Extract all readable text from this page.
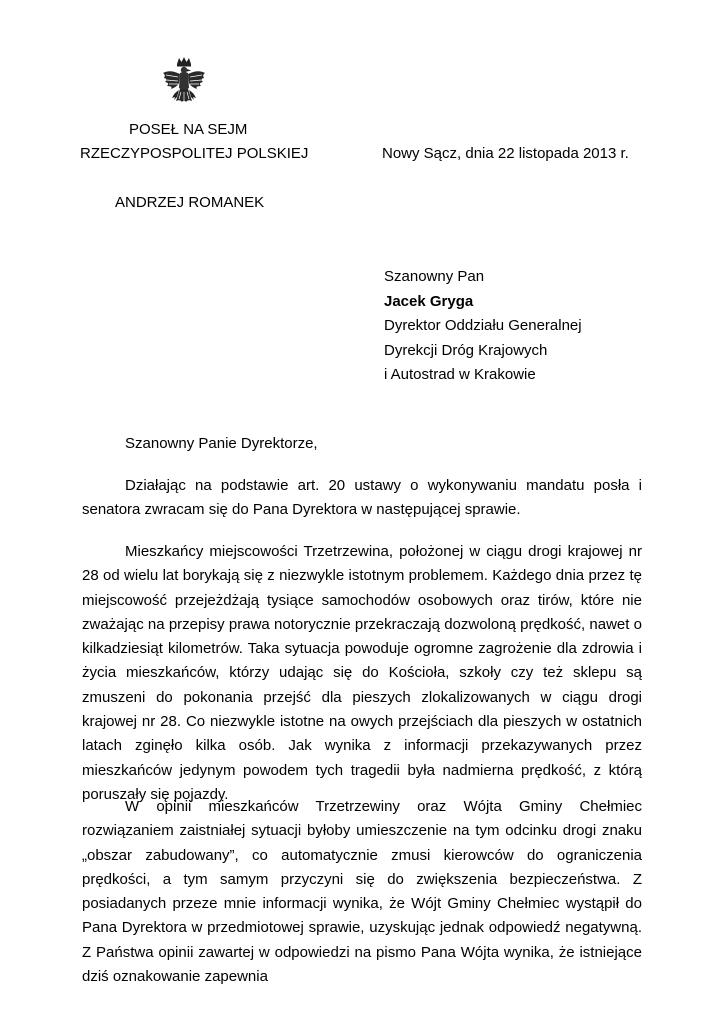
POSEŁ NA SEJM
RZECZYPOSPOLITEJ POLSKIEJ
ANDRZEJ ROMANEK
Nowy Sącz, dnia 22 listopada 2013 r.
Szanowny Pan
Jacek Gryga
Dyrektor Oddziału Generalnej
Dyrekcji Dróg Krajowych
i Autostrad w Krakowie
Szanowny Panie Dyrektorze,

Działając na podstawie art. 20 ustawy o wykonywaniu mandatu posła i senatora zwracam się do Pana Dyrektora w następującej sprawie.

Mieszkańcy miejscowości Trzetrzewina, położonej w ciągu drogi krajowej nr 28 od wielu lat borykają się z niezwykle istotnym problemem. Każdego dnia przez tę miejscowość przejeżdżają tysiące samochodów osobowych oraz tirów, które nie zważając na przepisy prawa notorycznie przekraczają dozwoloną prędkość, nawet o kilkadziesiąt kilometrów. Taka sytuacja powoduje ogromne zagrożenie dla zdrowia i życia mieszkańców, którzy udając się do Kościoła, szkoły czy też sklepu są zmuszeni do pokonania przejść dla pieszych zlokalizowanych w ciągu drogi krajowej nr 28. Co niezwykle istotne na owych przejściach dla pieszych w ostatnich latach zginęło kilka osób. Jak wynika z informacji przekazywanych przez mieszkańców jedynym powodem tych tragedii była nadmierna prędkość, z którą poruszały się pojazdy.

W opinii mieszkańców Trzetrzewiny oraz Wójta Gminy Chełmiec rozwiązaniem zaistniałej sytuacji byłoby umieszczenie na tym odcinku drogi znaku „obszar zabudowany”, co automatycznie zmusi kierowców do ograniczenia prędkości, a tym samym przyczyni się do zwiększenia bezpieczeństwa. Z posiadanych przeze mnie informacji wynika, że Wójt Gminy Chełmiec wystąpił do Pana Dyrektora w przedmiotowej sprawie, uzyskując jednak odpowiedź negatywną. Z Państwa opinii zawartej w odpowiedzi na pismo Pana Wójta wynika, że istniejące dziś oznakowanie zapewnia
